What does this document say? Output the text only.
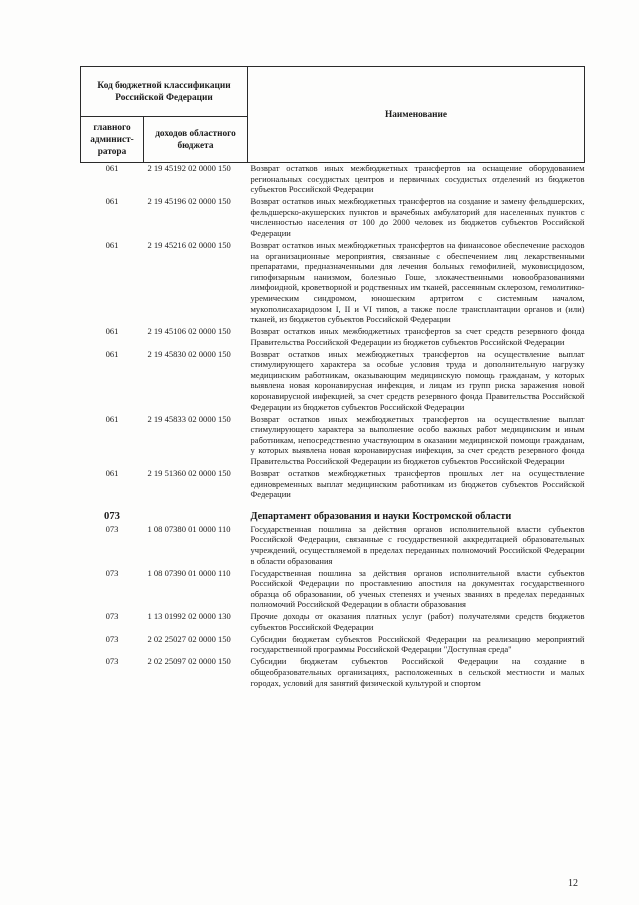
Код бюджетной классификации Российской Федерации		Наименование
главного админист-ратора	доходов областного бюджета	
061	2 19 45192 02 0000 150	Возврат остатков иных межбюджетных трансфертов на оснащение оборудованием региональных сосудистых центров и первичных сосудистых отделений из бюджетов субъектов Российской Федерации
061	2 19 45196 02 0000 150	Возврат остатков иных межбюджетных трансфертов на создание и замену фельдшерских, фельдшерско-акушерских пунктов и врачебных амбулаторий для населенных пунктов с численностью населения от 100 до 2000 человек из бюджетов субъектов Российской Федерации
061	2 19 45216 02 0000 150	Возврат остатков иных межбюджетных трансфертов на финансовое обеспечение расходов на организационные мероприятия, связанные с обеспечением лиц лекарственными препаратами, предназначенными для лечения больных гемофилией, муковисцидозом, гипофизарным нанизмом, болезнью Гоше, злокачественными новообразованиями лимфоидной, кроветворной и родственных им тканей, рассеянным склерозом, гемолитико-уремическим синдромом, юношеским артритом с системным началом, мукополисахаридозом I, II и VI типов, а также после трансплантации органов и (или) тканей, из бюджетов субъектов Российской Федерации
061	2 19 45106 02 0000 150	Возврат остатков иных межбюджетных трансфертов за счет средств резервного фонда Правительства Российской Федерации из бюджетов субъектов Российской Федерации
061	2 19 45830 02 0000 150	Возврат остатков иных межбюджетных трансфертов на осуществление выплат стимулирующего характера за особые условия труда и дополнительную нагрузку медицинским работникам, оказывающим медицинскую помощь гражданам, у которых выявлена новая коронавирусная инфекция, и лицам из групп риска заражения новой коронавирусной инфекцией, за счет средств резервного фонда Правительства Российской Федерации из бюджетов субъектов Российской Федерации
061	2 19 45833 02 0000 150	Возврат остатков иных межбюджетных трансфертов на осуществление выплат стимулирующего характера за выполнение особо важных работ медицинским и иным работникам, непосредственно участвующим в оказании медицинской помощи гражданам, у которых выявлена новая коронавирусная инфекция, за счет средств резервного фонда Правительства Российской Федерации из бюджетов субъектов Российской Федерации
061	2 19 51360 02 0000 150	Возврат остатков межбюджетных трансфертов прошлых лет на осуществление единовременных выплат медицинским работникам из бюджетов субъектов Российской Федерации
073		Департамент образования и науки Костромской области
073	1 08 07380 01 0000 110	Государственная пошлина за действия органов исполнительной власти субъектов Российской Федерации, связанные с государственной аккредитацией образовательных учреждений, осуществляемой в пределах переданных полномочий Российской Федерации в области образования
073	1 08 07390 01 0000 110	Государственная пошлина за действия органов исполнительной власти субъектов Российской Федерации по проставлению апостиля на документах государственного образца об образовании, об ученых степенях и ученых званиях в пределах переданных полномочий Российской Федерации в области образования
073	1 13 01992 02 0000 130	Прочие доходы от оказания платных услуг (работ) получателями средств бюджетов субъектов Российской Федерации
073	2 02 25027 02 0000 150	Субсидии бюджетам субъектов Российской Федерации на реализацию мероприятий государственной программы Российской Федерации "Доступная среда"
073	2 02 25097 02 0000 150	Субсидии бюджетам субъектов Российской Федерации на создание в общеобразовательных организациях, расположенных в сельской местности и малых городах, условий для занятий физической культурой и спортом
12
